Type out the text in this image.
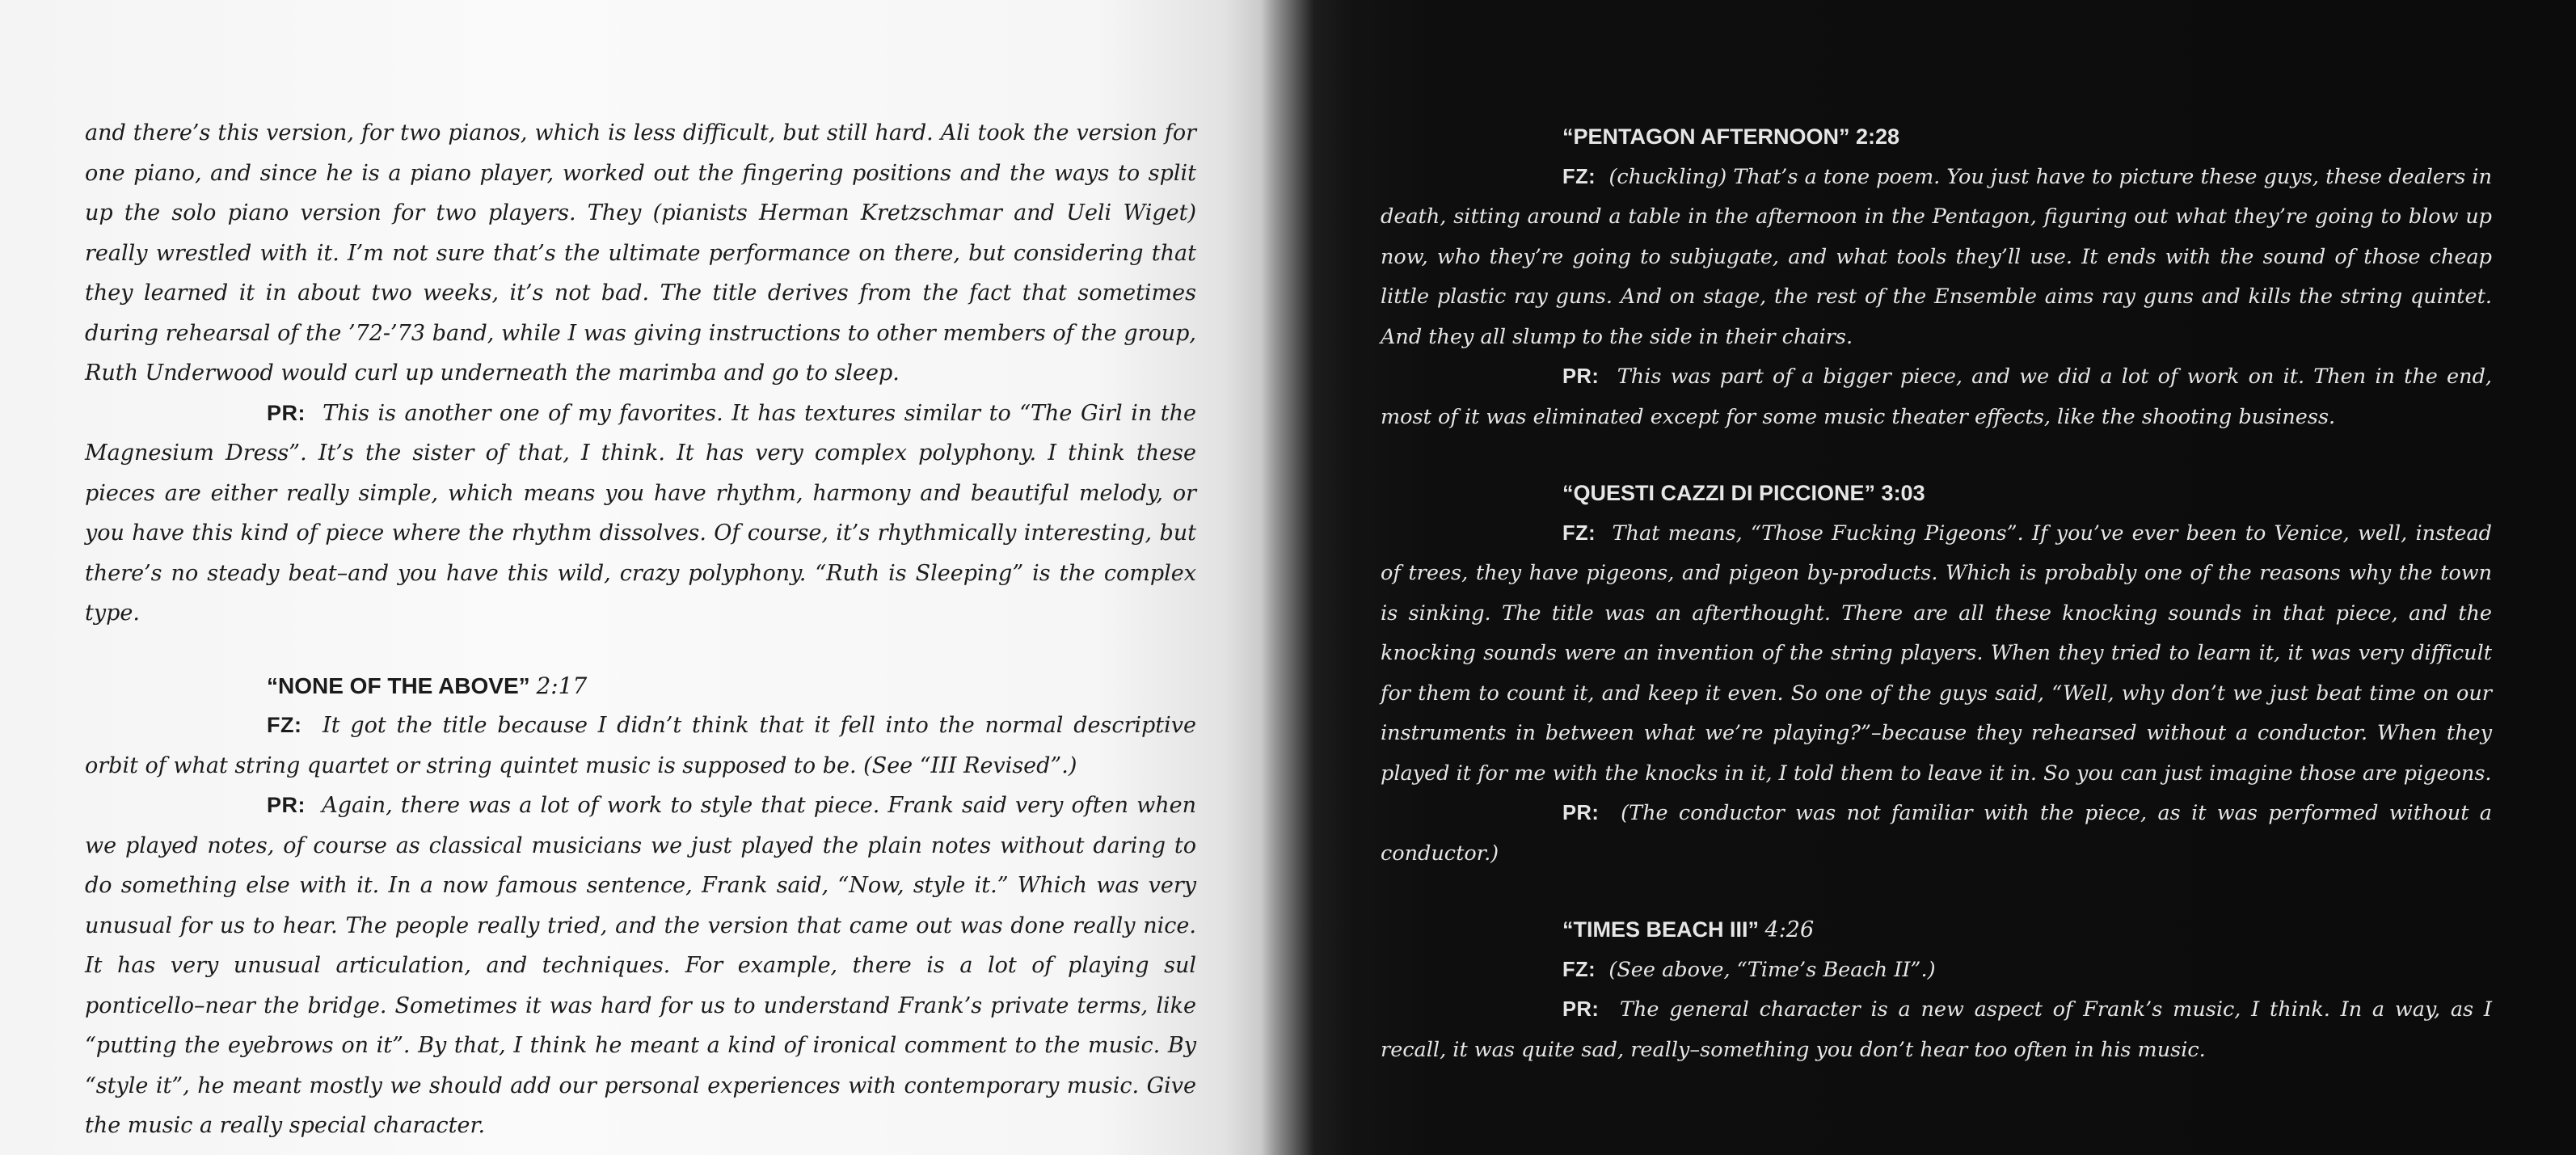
and there’s this version, for two pianos, which is less difficult, but still hard. Ali took the version for one piano, and since he is a piano player, worked out the fingering positions and the ways to split up the solo piano version for two players. They (pianists Herman Kretzschmar and Ueli Wiget) really wrestled with it. I’m not sure that’s the ultimate performance on there, but considering that they learned it in about two weeks, it’s not bad. The title derives from the fact that sometimes during rehearsal of the ’72-’73 band, while I was giving instructions to other members of the group, Ruth Underwood would curl up underneath the marimba and go to sleep.

PR: This is another one of my favorites. It has textures similar to “The Girl in the Magnesium Dress”. It’s the sister of that, I think. It has very complex polyphony. I think these pieces are either really simple, which means you have rhythm, harmony and beautiful melody, or you have this kind of piece where the rhythm dissolves. Of course, it’s rhythmically interesting, but there’s no steady beat–and you have this wild, crazy polyphony. “Ruth is Sleeping” is the complex type.

“NONE OF THE ABOVE” 2:17

FZ: It got the title because I didn’t think that it fell into the normal descriptive orbit of what string quartet or string quintet music is supposed to be. (See “III Revised”.)

PR: Again, there was a lot of work to style that piece. Frank said very often when we played notes, of course as classical musicians we just played the plain notes without daring to do something else with it. In a now famous sentence, Frank said, “Now, style it.” Which was very unusual for us to hear. The people really tried, and the version that came out was done really nice. It has very unusual articulation, and techniques. For example, there is a lot of playing sul ponticello–near the bridge. Sometimes it was hard for us to understand Frank’s private terms, like “putting the eyebrows on it”. By that, I think he meant a kind of ironical comment to the music. By “style it”, he meant mostly we should add our personal experiences with contemporary music. Give the music a really special character.

“PENTAGON AFTERNOON” 2:28

FZ: (chuckling) That’s a tone poem. You just have to picture these guys, these dealers in death, sitting around a table in the afternoon in the Pentagon, figuring out what they’re going to blow up now, who they’re going to subjugate, and what tools they’ll use. It ends with the sound of those cheap little plastic ray guns. And on stage, the rest of the Ensemble aims ray guns and kills the string quintet. And they all slump to the side in their chairs.

PR: This was part of a bigger piece, and we did a lot of work on it. Then in the end, most of it was eliminated except for some music theater effects, like the shooting business.

“QUESTI CAZZI DI PICCIONE” 3:03

FZ: That means, “Those Fucking Pigeons”. If you’ve ever been to Venice, well, instead of trees, they have pigeons, and pigeon by-products. Which is probably one of the reasons why the town is sinking. The title was an afterthought. There are all these knocking sounds in that piece, and the knocking sounds were an invention of the string players. When they tried to learn it, it was very difficult for them to count it, and keep it even. So one of the guys said, “Well, why don’t we just beat time on our instruments in between what we’re playing?”–because they rehearsed without a conductor. When they played it for me with the knocks in it, I told them to leave it in. So you can just imagine those are pigeons.

PR: (The conductor was not familiar with the piece, as it was performed without a conductor.)

“TIMES BEACH III” 4:26

FZ: (See above, “Time’s Beach II”.)

PR: The general character is a new aspect of Frank’s music, I think. In a way, as I recall, it was quite sad, really–something you don’t hear too often in his music.
